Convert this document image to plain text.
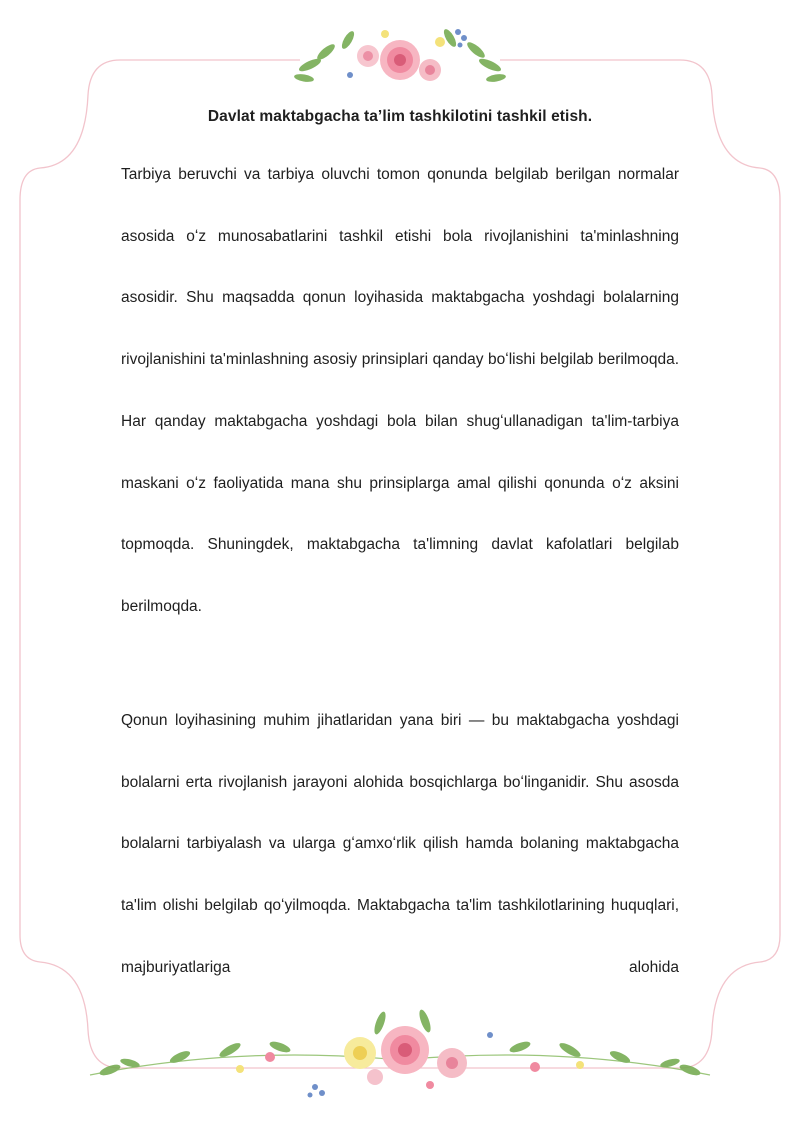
Davlat maktabgacha ta’lim tashkilotini tashkil etish.

Tarbiya beruvchi va tarbiya oluvchi tomon qonunda belgilab berilgan normalar asosida oʻz munosabatlarini tashkil etishi bola rivojlanishini ta'minlashning asosidir. Shu maqsadda qonun loyihasida maktabgacha yoshdagi bolalarning rivojlanishini ta'minlashning asosiy prinsiplari qanday boʻlishi belgilab berilmoqda. Har qanday maktabgacha yoshdagi bola bilan shugʻullanadigan ta'lim-tarbiya maskani oʻz faoliyatida mana shu prinsiplarga amal qilishi qonunda oʻz aksini topmoqda. Shuningdek, maktabgacha ta'limning davlat kafolatlari belgilab berilmoqda.

Qonun loyihasining muhim jihatlaridan yana biri — bu maktabgacha yoshdagi bolalarni erta rivojlanish jarayoni alohida bosqichlarga boʻlinganidir. Shu asosda bolalarni tarbiyalash va ularga gʻamxoʻrlik qilish hamda bolaning maktabgacha ta'lim olishi belgilab qoʻyilmoqda. Maktabgacha ta'lim tashkilotlarining huquqlari, majburiyatlariga alohida
